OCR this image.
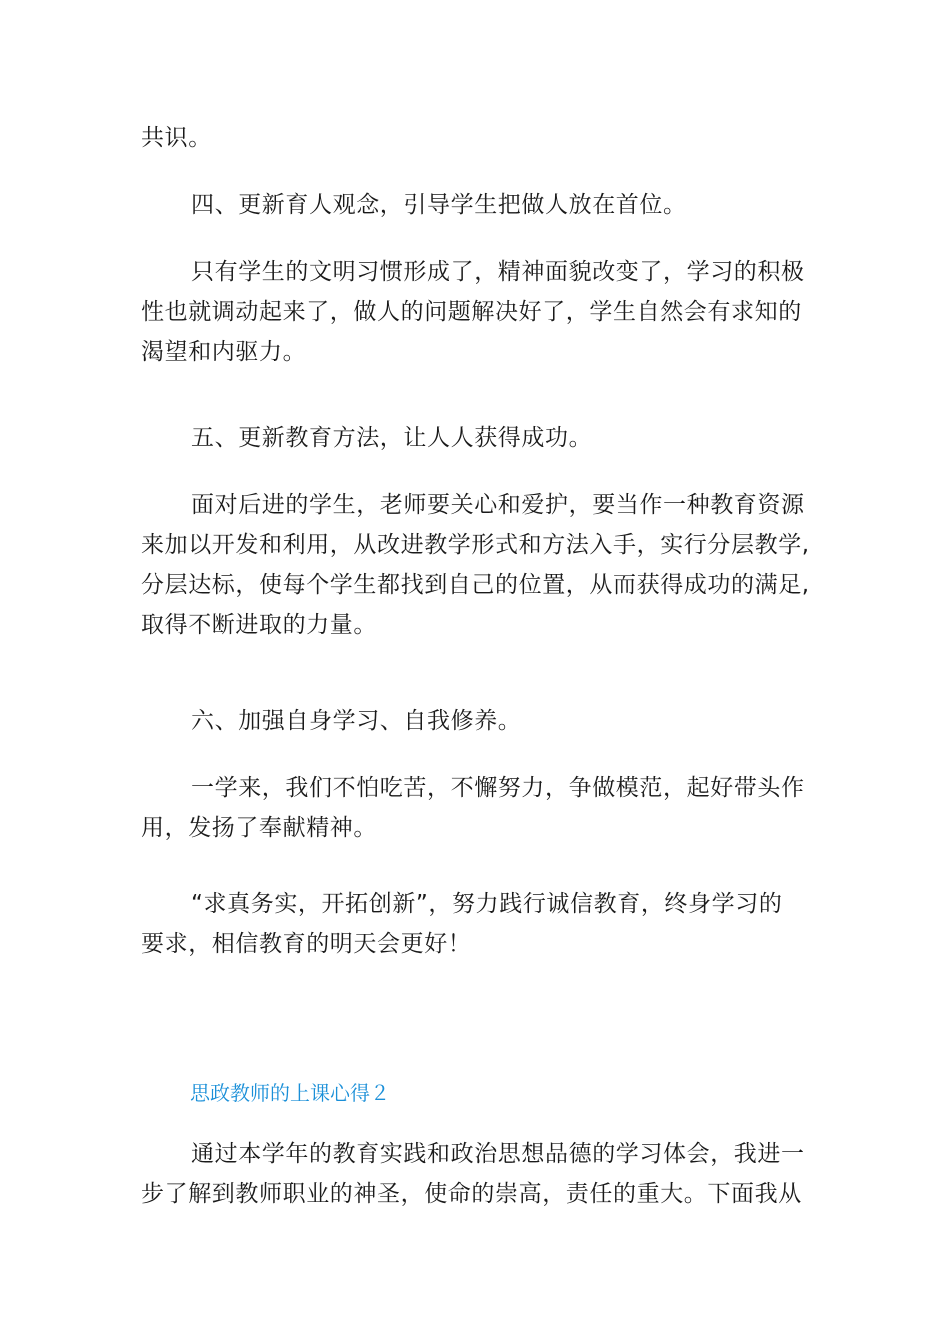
共识。

四、更新育人观念，引导学生把做人放在首位。

只有学生的文明习惯形成了，精神面貌改变了，学习的积极
性也就调动起来了，做人的问题解决好了，学生自然会有求知的
渴望和内驱力。

五、更新教育方法，让人人获得成功。

面对后进的学生，老师要关心和爱护，要当作一种教育资源
来加以开发和利用，从改进教学形式和方法入手，实行分层教学,
分层达标，使每个学生都找到自己的位置，从而获得成功的满足,
取得不断进取的力量。

六、加强自身学习、自我修养。

一学来，我们不怕吃苦，不懈努力，争做模范，起好带头作
用，发扬了奉献精神。

“求真务实，开拓创新”，努力践行诚信教育，终身学习的
要求，相信教育的明天会更好！

思政教师的上课心得２

通过本学年的教育实践和政治思想品德的学习体会，我进一
步了解到教师职业的神圣，使命的崇高，责任的重大。下面我从
